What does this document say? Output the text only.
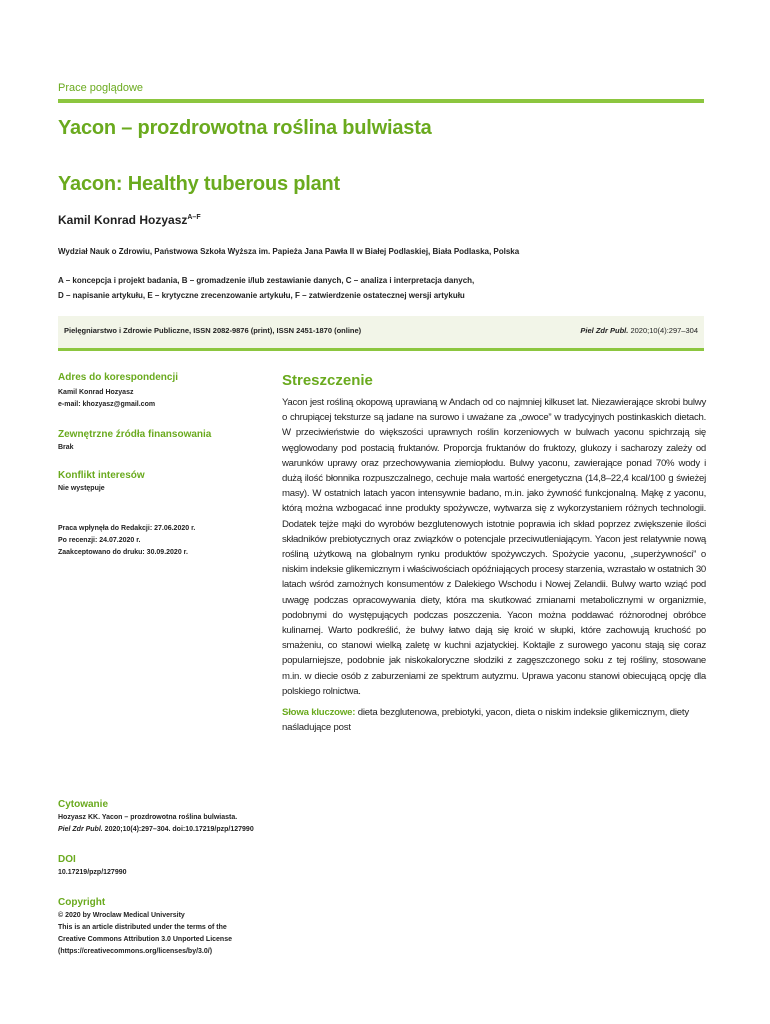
Prace poglądowe
Yacon – prozdrowotna roślina bulwiasta
Yacon: Healthy tuberous plant
Kamil Konrad Hozyasz$^{A-F}$
Wydział Nauk o Zdrowiu, Państwowa Szkoła Wyższa im. Papieża Jana Pawła II w Białej Podlaskiej, Biała Podlaska, Polska
A – koncepcja i projekt badania, B – gromadzenie i/lub zestawianie danych, C – analiza i interpretacja danych,
D – napisanie artykułu, E – krytyczne zrecenzowanie artykułu, F – zatwierdzenie ostatecznej wersji artykułu
Pielęgniarstwo i Zdrowie Publiczne, ISSN 2082-9876 (print), ISSN 2451-1870 (online)	Piel Zdr Publ. 2020;10(4):297–304

Adres do korespondencji

Kamil Konrad Hozyasz
e-mail: khozyasz@gmail.com

Zewnętrzne źródła finansowania

Brak

Konflikt interesów

Nie występuje

Praca wpłynęła do Redakcji: 27.06.2020 r.
Po recenzji: 24.07.2020 r.
Zaakceptowano do druku: 30.09.2020 r.

Cytowanie

Hozyasz KK. Yacon – prozdrowotna roślina bulwiasta.
Piel Zdr Publ. 2020;10(4):297–304. doi:10.17219/pzp/127990

DOI

10.17219/pzp/127990

Copyright

© 2020 by Wroclaw Medical University
This is an article distributed under the terms of the
Creative Commons Attribution 3.0 Unported License
(https://creativecommons.org/licenses/by/3.0/)

Streszczenie

Yacon jest rośliną okopową uprawianą w Andach od co najmniej kilkuset lat. Niezawierające skrobi bulwy o chrupiącej teksturze są jadane na surowo i uważane za „owoce” w tradycyjnych postinkaskich dietach. W przeciwieństwie do większości uprawnych roślin korzeniowych w bulwach yaconu spichrzają się węglowodany pod postacią fruktanów. Proporcja fruktanów do fruktozy, glukozy i sacharozy zależy od warunków uprawy oraz przechowywania ziemiopłodu. Bulwy yaconu, zawierające ponad 70% wody i dużą ilość błonnika rozpuszczalnego, cechuje mała wartość energetyczna (14,8–22,4 kcal/100 g świeżej masy). W ostatnich latach yacon intensywnie badano, m.in. jako żywność funkcjonalną. Mąkę z yaconu, którą można wzbogacać inne produkty spożywcze, wytwarza się z wykorzystaniem różnych technologii. Dodatek tejże mąki do wyrobów bezglutenowych istotnie poprawia ich skład poprzez zwiększenie ilości składników prebiotycznych oraz związków o potencjale przeciwutleniającym. Yacon jest relatywnie nową rośliną użytkową na globalnym rynku produktów spożywczych. Spożycie yaconu, „superżywności” o niskim indeksie glikemicznym i właściwościach opóźniających procesy starzenia, wzrastało w ostatnich 30 latach wśród zamożnych konsumentów z Dalekiego Wschodu i Nowej Zelandii. Bulwy warto wziąć pod uwagę podczas opracowywania diety, która ma skutkować zmianami metabolicznymi w organizmie, podobnymi do występujących podczas poszczenia. Yacon można poddawać różnorodnej obróbce kulinarnej. Warto podkreślić, że bulwy łatwo dają się kroić w słupki, które zachowują kruchość po smażeniu, co stanowi wielką zaletę w kuchni azjatyckiej. Koktajle z surowego yaconu stają się coraz popularniejsze, podobnie jak niskokaloryczne słodziki z zagęszczonego soku z tej rośliny, stosowane m.in. w diecie osób z zaburzeniami ze spektrum autyzmu. Uprawa yaconu stanowi obiecującą opcję dla polskiego rolnictwa.

Słowa kluczowe: dieta bezglutenowa, prebiotyki, yacon, dieta o niskim indeksie glikemicznym, diety naśladujące post
